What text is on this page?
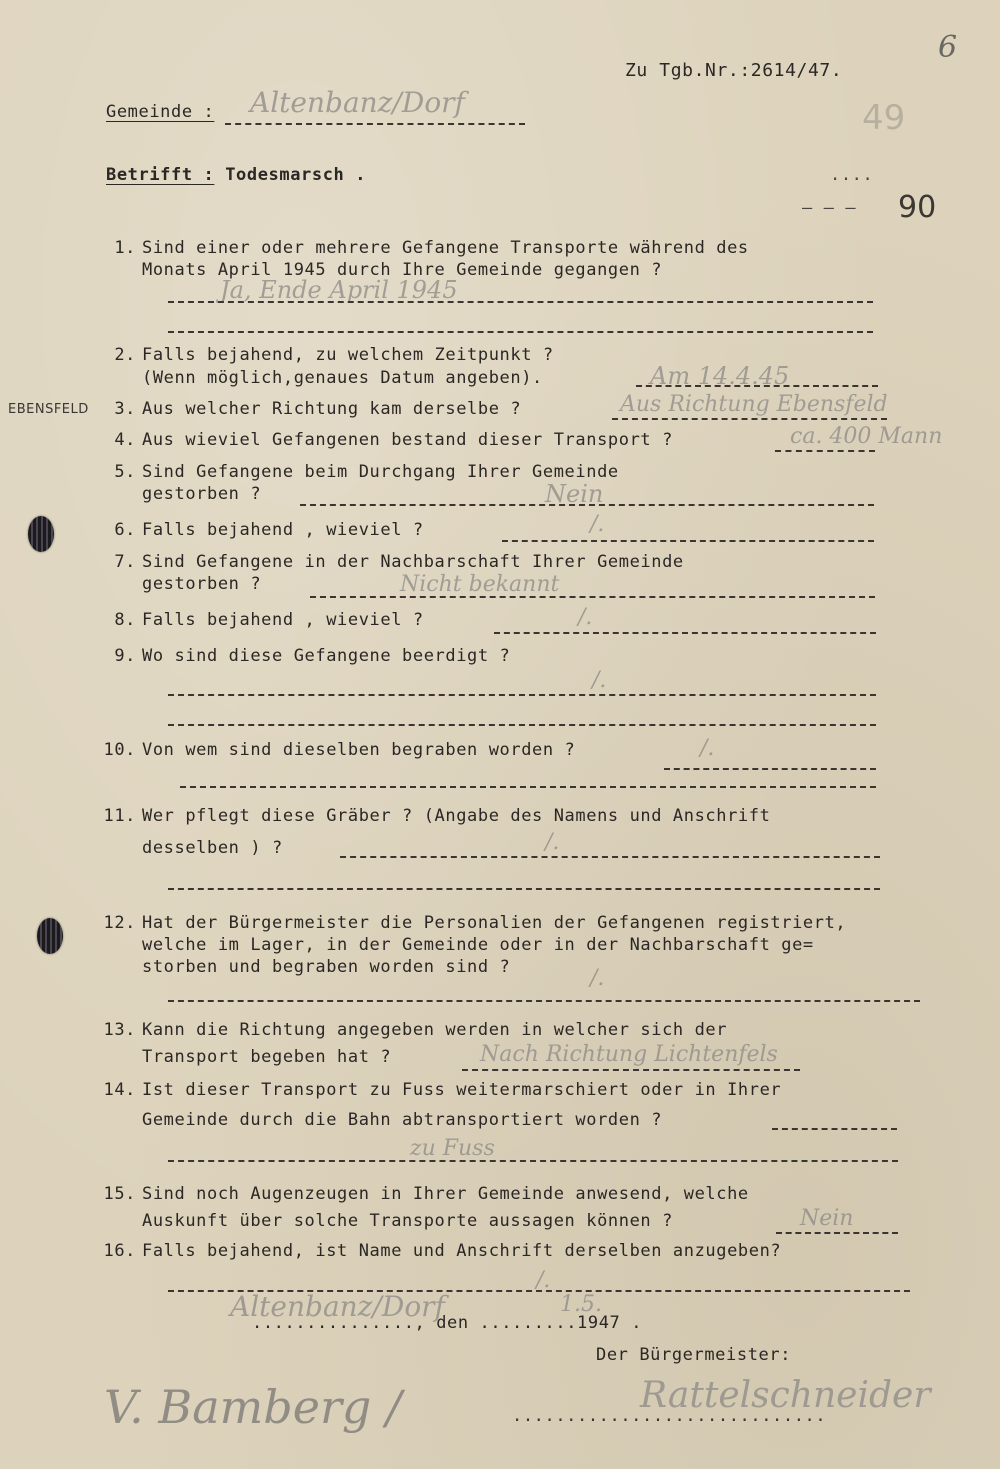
6
Zu Tgb.Nr.:2614/47.
49
Gemeinde : Altenbanz/Dorf
Betrifft : Todesmarsch .	....
90
– – –
EBENSFELD
1. Sind einer oder mehrere Gefangene Transporte während des
Monats April 1945 durch Ihre Gemeinde gegangen ?
Ja, Ende April 1945
2. Falls bejahend, zu welchem Zeitpunkt ?
(Wenn möglich,genaues Datum angeben).	Am 14.4.45
3. Aus welcher Richtung kam derselbe ?	Aus Richtung Ebensfeld
4. Aus wieviel Gefangenen bestand dieser Transport ?	ca. 400 Mann
5. Sind Gefangene beim Durchgang Ihrer Gemeinde
gestorben ?	Nein
6. Falls bejahend , wieviel ?	/.
7. Sind Gefangene in der Nachbarschaft Ihrer Gemeinde
gestorben ?	Nicht bekannt
8. Falls bejahend , wieviel ?	/.
9. Wo sind diese Gefangene beerdigt ?
/.
10. Von wem sind dieselben begraben worden ?	/.
11. Wer pflegt diese Gräber ? (Angabe des Namens und Anschrift
desselben ) ?	/.
12. Hat der Bürgermeister die Personalien der Gefangenen registriert,
welche im Lager, in der Gemeinde oder in der Nachbarschaft ge=
storben und begraben worden sind ?	/.
13. Kann die Richtung angegeben werden in welcher sich der
Transport begeben hat ?	Nach Richtung Lichtenfels
14. Ist dieser Transport zu Fuss weitermarschiert oder in Ihrer
Gemeinde durch die Bahn abtransportiert worden ?
zu Fuss
15. Sind noch Augenzeugen in Ihrer Gemeinde anwesend, welche
Auskunft über solche Transporte aussagen können ?	Nein
16. Falls bejahend, ist Name und Anschrift derselben anzugeben?
/.
Altenbanz/Dorf	1.5.
..............., den .........1947 .
Der Bürgermeister:
V. Bamberg /	Rattelschneider
.............................
